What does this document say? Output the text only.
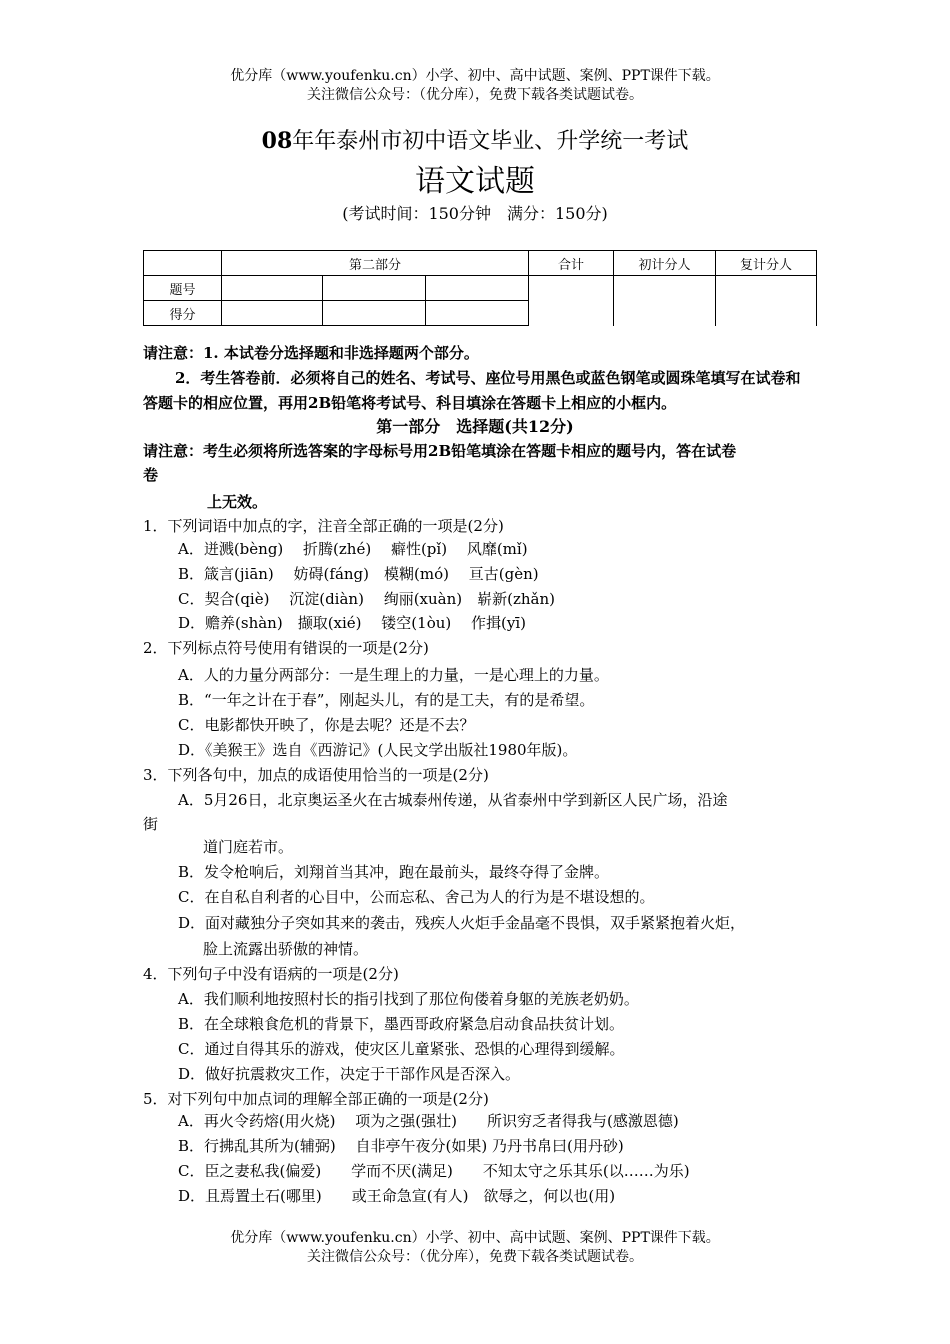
优分库（www.youfenku.cn）小学、初中、高中试题、案例、PPT课件下载。
关注微信公众号：（优分库），免费下载各类试题试卷。
08年年泰州市初中语文毕业、升学统一考试
语文试题
(考试时间：150分钟　满分：150分)
	第二部分			合计	初计分人	复计分人
题号						
得分						
请注意：1. 本试卷分选择题和非选择题两个部分。
2．考生答卷前．必须将自己的姓名、考试号、座位号用黑色或蓝色钢笔或圆珠笔填写在试卷和答题卡的相应位置，再用2B铅笔将考试号、科目填涂在答题卡上相应的小框内。
第一部分　选择题(共12分)
请注意：考生必须将所选答案的字母标号用2B铅笔填涂在答题卡相应的题号内，答在试卷
卷
上无效。
1．下列词语中加点的字，注音全部正确的一项是(2分)
A．迸溅(bèng)　 折腾(zhé)　 癖性(pǐ)　 风靡(mǐ)
B．箴言(jiān)　 妨碍(fáng)　模糊(mó)　 亘古(gèn)
C．契合(qiè)　 沉淀(diàn)　 绚丽(xuàn)　崭新(zhǎn)
D．赡养(shàn)　撷取(xié)　 镂空(1òu)　 作揖(yī)
2．下列标点符号使用有错误的一项是(2分)
A．人的力量分两部分：一是生理上的力量，一是心理上的力量。
B．“一年之计在于春”，刚起头儿，有的是工夫，有的是希望。
C．电影都快开映了，你是去呢？还是不去？
D．《美猴王》选自《西游记》(人民文学出版社1980年版)。
3．下列各句中，加点的成语使用恰当的一项是(2分)
A．5月26日，北京奥运圣火在古城泰州传递，从省泰州中学到新区人民广场，沿途
街
道门庭若市。
B．发令枪响后，刘翔首当其冲，跑在最前头，最终夺得了金牌。
C．在自私自利者的心目中，公而忘私、舍己为人的行为是不堪设想的。
D．面对藏独分子突如其来的袭击，残疾人火炬手金晶毫不畏惧，双手紧紧抱着火炬，
脸上流露出骄傲的神情。
4．下列句子中没有语病的一项是(2分)
A．我们顺利地按照村长的指引找到了那位佝偻着身躯的羌族老奶奶。
B．在全球粮食危机的背景下，墨西哥政府紧急启动食品扶贫计划。
C．通过自得其乐的游戏，使灾区儿童紧张、恐惧的心理得到缓解。
D．做好抗震救灾工作，决定于干部作风是否深入。
5．对下列句中加点词的理解全部正确的一项是(2分)
A．再火令药熔(用火烧)　 项为之强(强壮)　　所识穷乏者得我与(感激恩德)
B．行拂乱其所为(辅弼)　 自非亭午夜分(如果) 乃丹书帛曰(用丹砂)
C．臣之妻私我(偏爱)　　学而不厌(满足)　　不知太守之乐其乐(以……为乐)
D．且焉置土石(哪里)　　或王命急宣(有人)　欲辱之，何以也(用)
优分库（www.youfenku.cn）小学、初中、高中试题、案例、PPT课件下载。
关注微信公众号：（优分库），免费下载各类试题试卷。
